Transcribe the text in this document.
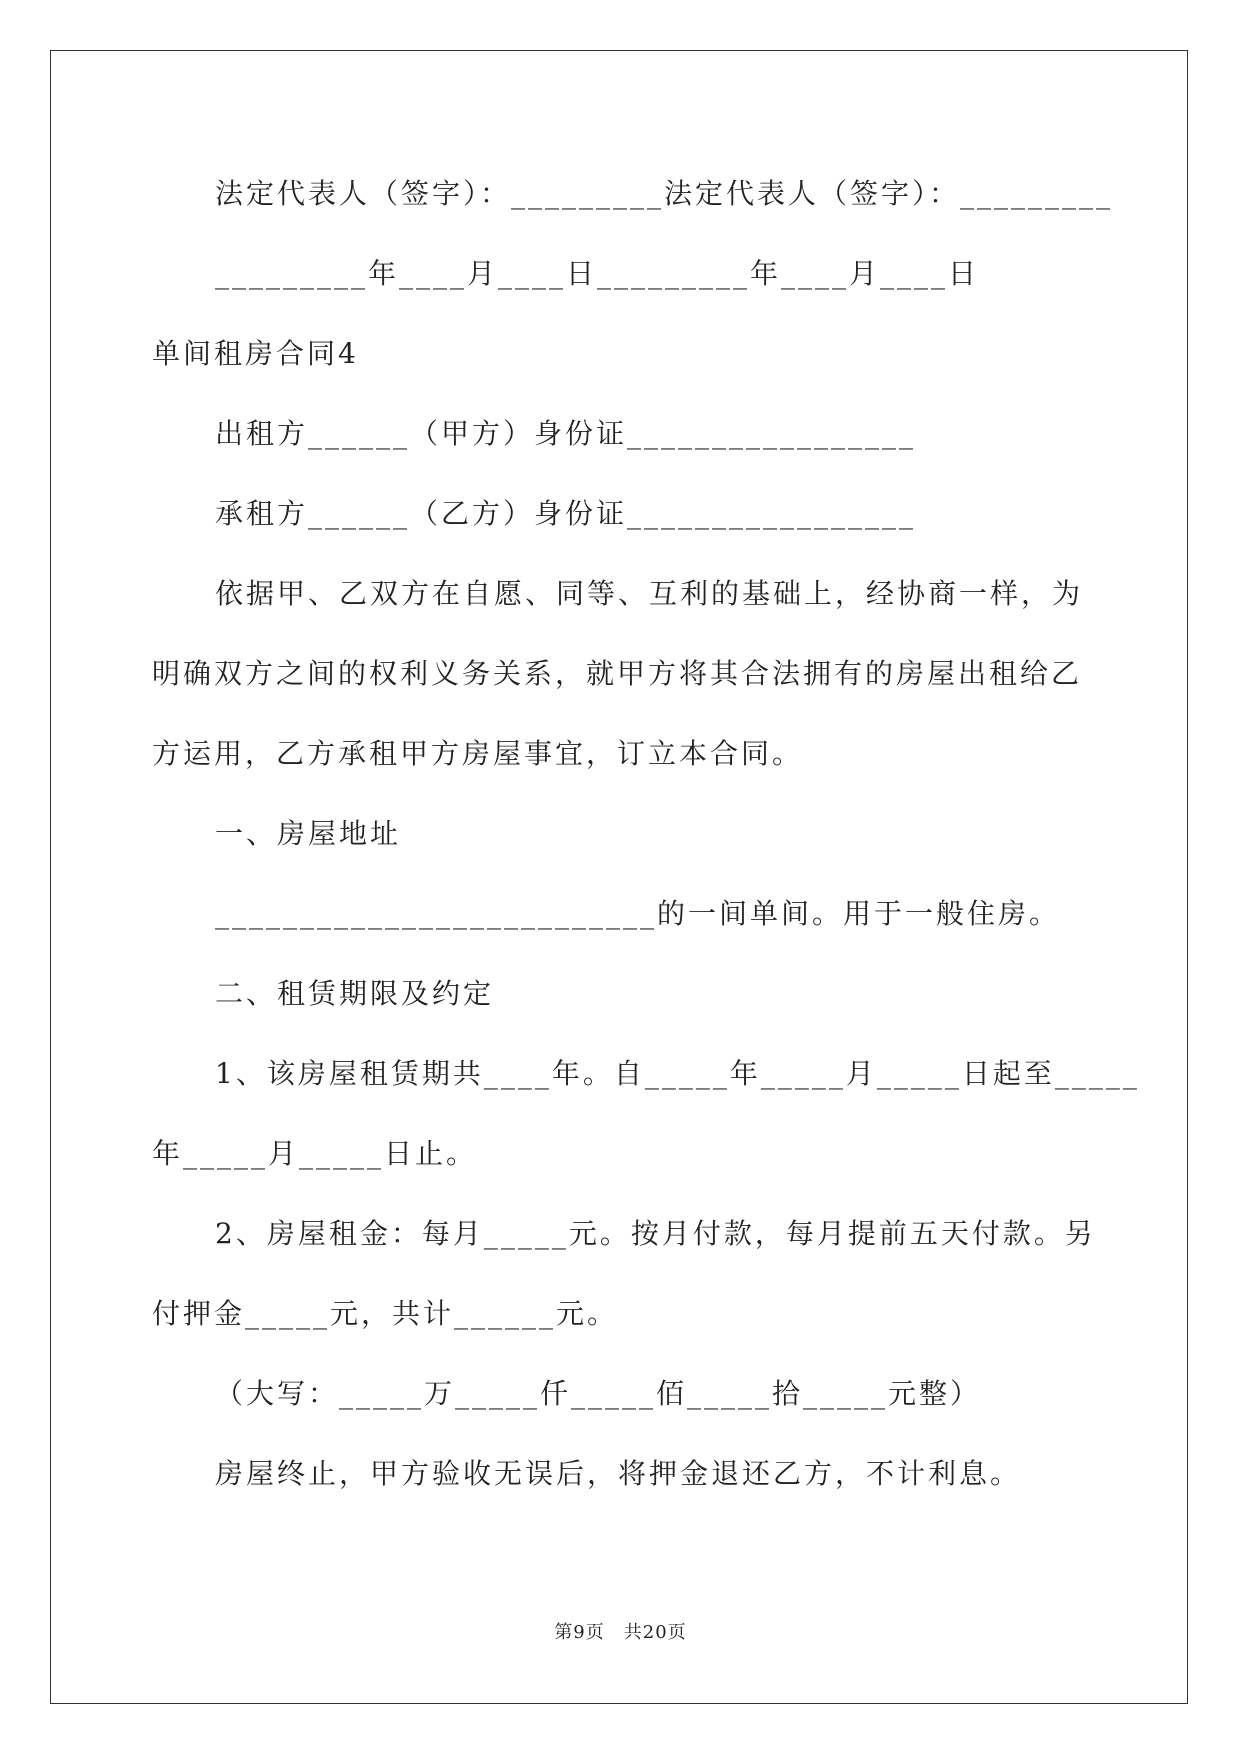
法定代表人（签字）：_________法定代表人（签字）：_________
_________年____月____日_________年____月____日
单间租房合同4
出租方______（甲方）身份证_________________
承租方______（乙方）身份证_________________
依据甲、乙双方在自愿、同等、互利的基础上，经协商一样，为
明确双方之间的权利义务关系，就甲方将其合法拥有的房屋出租给乙
方运用，乙方承租甲方房屋事宜，订立本合同。
一、房屋地址
__________________________的一间单间。用于一般住房。
二、租赁期限及约定
1、该房屋租赁期共____年。自_____年_____月_____日起至_____
年_____月_____日止。
2、房屋租金：每月_____元。按月付款，每月提前五天付款。另
付押金_____元，共计______元。
（大写：_____万_____仟_____佰_____拾_____元整）
房屋终止，甲方验收无误后，将押金退还乙方，不计利息。
第9页　共20页
